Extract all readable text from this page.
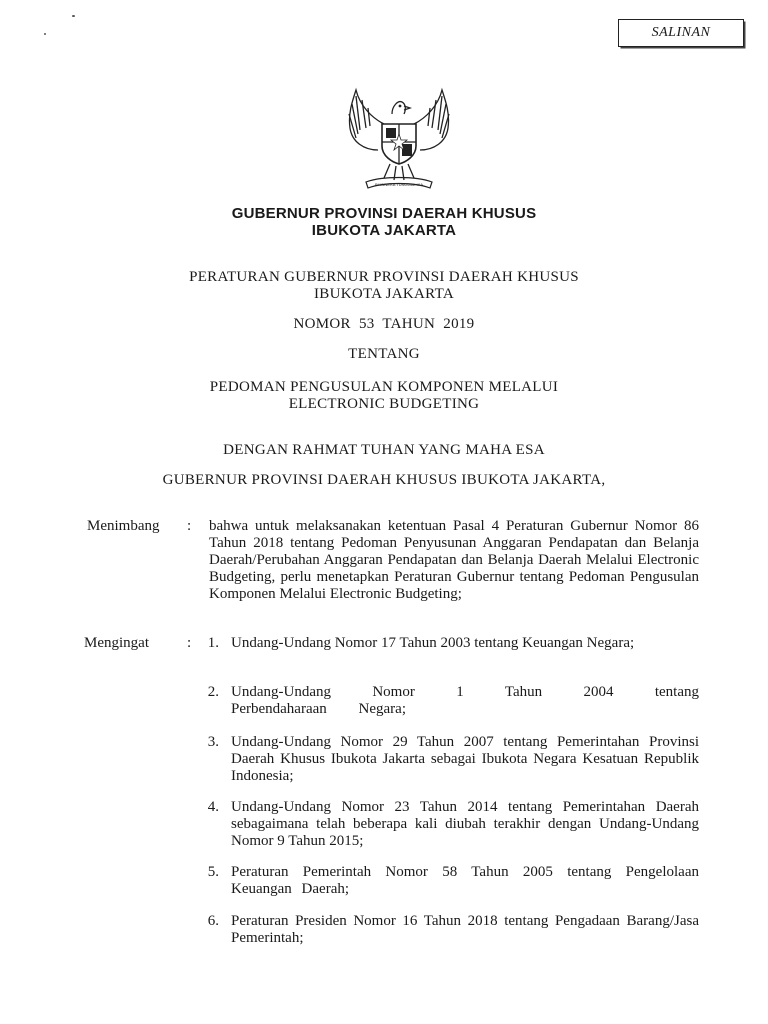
SALINAN
BHINNEKA TUNGGAL IKA
GUBERNUR PROVINSI DAERAH KHUSUS
IBUKOTA JAKARTA
PERATURAN GUBERNUR PROVINSI DAERAH KHUSUS
IBUKOTA JAKARTA
NOMOR  53  TAHUN  2019
TENTANG
PEDOMAN PENGUSULAN KOMPONEN MELALUI
ELECTRONIC BUDGETING
DENGAN RAHMAT TUHAN YANG MAHA ESA
GUBERNUR PROVINSI DAERAH KHUSUS IBUKOTA JAKARTA,
Menimbang : bahwa untuk melaksanakan ketentuan Pasal 4 Peraturan Gubernur Nomor 86 Tahun 2018 tentang Pedoman Penyusunan Anggaran Pendapatan dan Belanja Daerah/Perubahan Anggaran Pendapatan dan Belanja Daerah Melalui Electronic Budgeting, perlu menetapkan Peraturan Gubernur tentang Pedoman Pengusulan Komponen Melalui Electronic Budgeting;
Mengingat	:	1. Undang-Undang Nomor 17 Tahun 2003 tentang Keuangan Negara;
2. Undang-Undang Nomor 1 Tahun 2004 tentang Perbendaharaan Negara;
3. Undang-Undang Nomor 29 Tahun 2007 tentang Pemerintahan Provinsi Daerah Khusus Ibukota Jakarta sebagai Ibukota Negara Kesatuan Republik Indonesia;
4. Undang-Undang Nomor 23 Tahun 2014 tentang Pemerintahan Daerah sebagaimana telah beberapa kali diubah terakhir dengan Undang-Undang Nomor 9 Tahun 2015;
5. Peraturan Pemerintah Nomor 58 Tahun 2005 tentang Pengelolaan Keuangan Daerah;
6. Peraturan Presiden Nomor 16 Tahun 2018 tentang Pengadaan Barang/Jasa Pemerintah;
